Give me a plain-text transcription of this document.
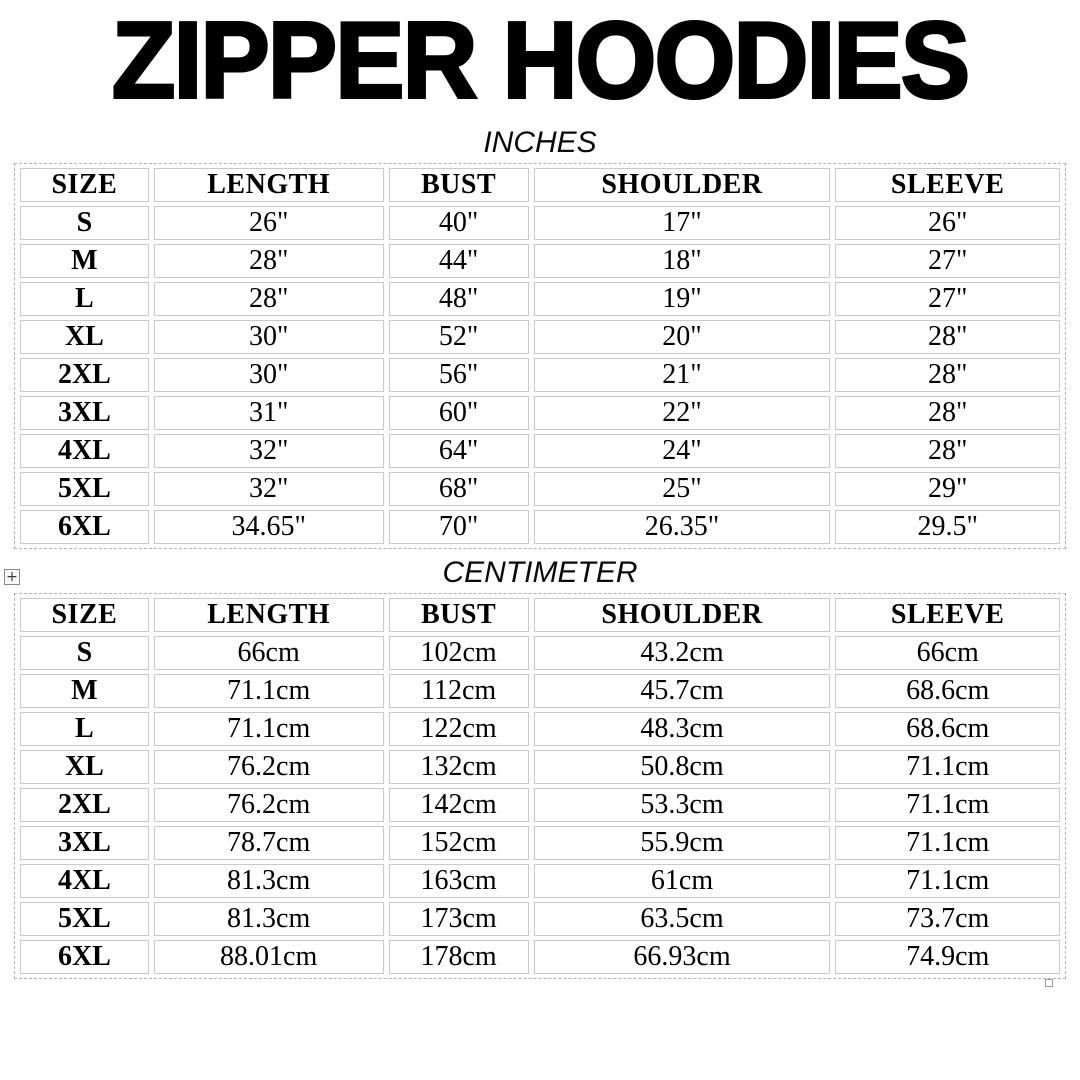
ZIPPER HOODIES
INCHES
SIZE	LENGTH	BUST	SHOULDER	SLEEVE
S	26"	40"	17"	26"
M	28"	44"	18"	27"
L	28"	48"	19"	27"
XL	30"	52"	20"	28"
2XL	30"	56"	21"	28"
3XL	31"	60"	22"	28"
4XL	32"	64"	24"	28"
5XL	32"	68"	25"	29"
6XL	34.65"	70"	26.35"	29.5"
CENTIMETER
SIZE	LENGTH	BUST	SHOULDER	SLEEVE
S	66cm	102cm	43.2cm	66cm
M	71.1cm	112cm	45.7cm	68.6cm
L	71.1cm	122cm	48.3cm	68.6cm
XL	76.2cm	132cm	50.8cm	71.1cm
2XL	76.2cm	142cm	53.3cm	71.1cm
3XL	78.7cm	152cm	55.9cm	71.1cm
4XL	81.3cm	163cm	61cm	71.1cm
5XL	81.3cm	173cm	63.5cm	73.7cm
6XL	88.01cm	178cm	66.93cm	74.9cm
+
